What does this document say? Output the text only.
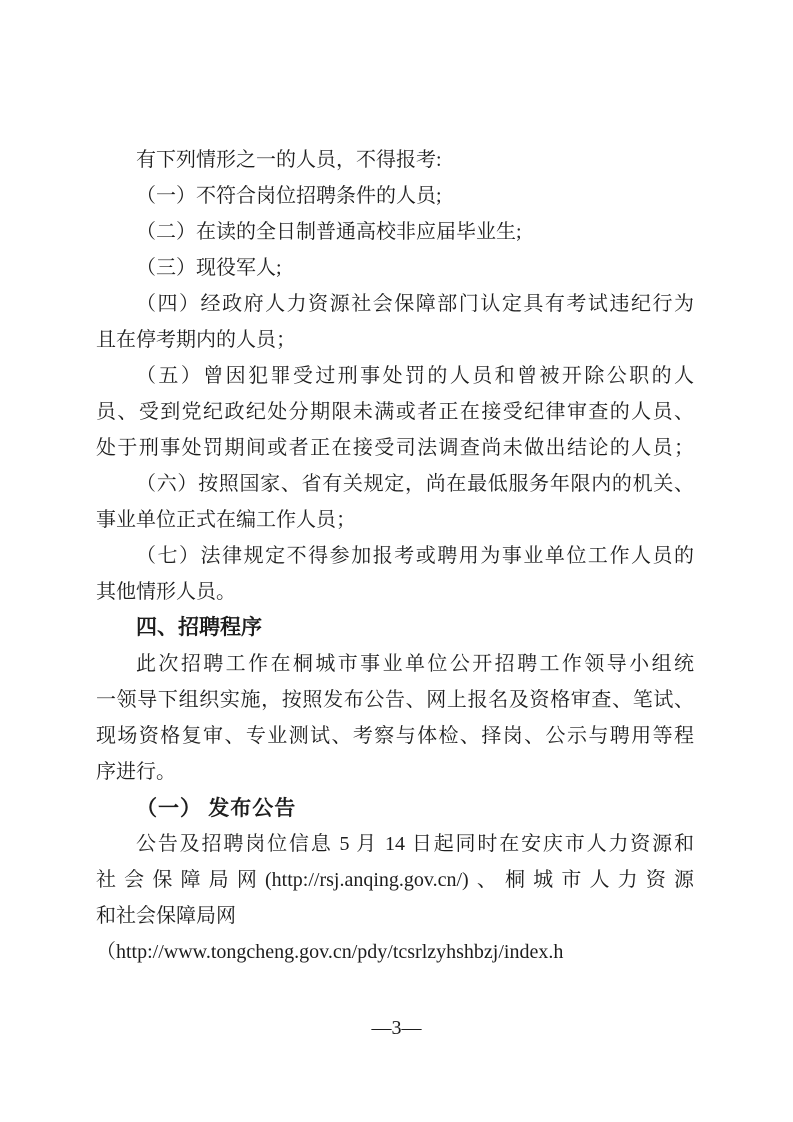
有下列情形之一的人员，不得报考:
（一）不符合岗位招聘条件的人员;
（二）在读的全日制普通高校非应届毕业生;
（三）现役军人;
（四）经政府人力资源社会保障部门认定具有考试违纪行为
且在停考期内的人员；
（五）曾因犯罪受过刑事处罚的人员和曾被开除公职的人
员、受到党纪政纪处分期限未满或者正在接受纪律审查的人员、
处于刑事处罚期间或者正在接受司法调查尚未做出结论的人员；
（六）按照国家、省有关规定，尚在最低服务年限内的机关、
事业单位正式在编工作人员；
（七）法律规定不得参加报考或聘用为事业单位工作人员的
其他情形人员。
四、招聘程序
此次招聘工作在桐城市事业单位公开招聘工作领导小组统
一领导下组织实施，按照发布公告、网上报名及资格审查、笔试、
现场资格复审、专业测试、考察与体检、择岗、公示与聘用等程
序进行。
（一） 发布公告
公告及招聘岗位信息 5 月 14 日起同时在安庆市人力资源和
社会保障局网(http://rsj.anqing.gov.cn/)、桐城市人力资源
和社会保障局网
（http://www.tongcheng.gov.cn/pdy/tcsrlzyhshbzj/index.h
—3—
